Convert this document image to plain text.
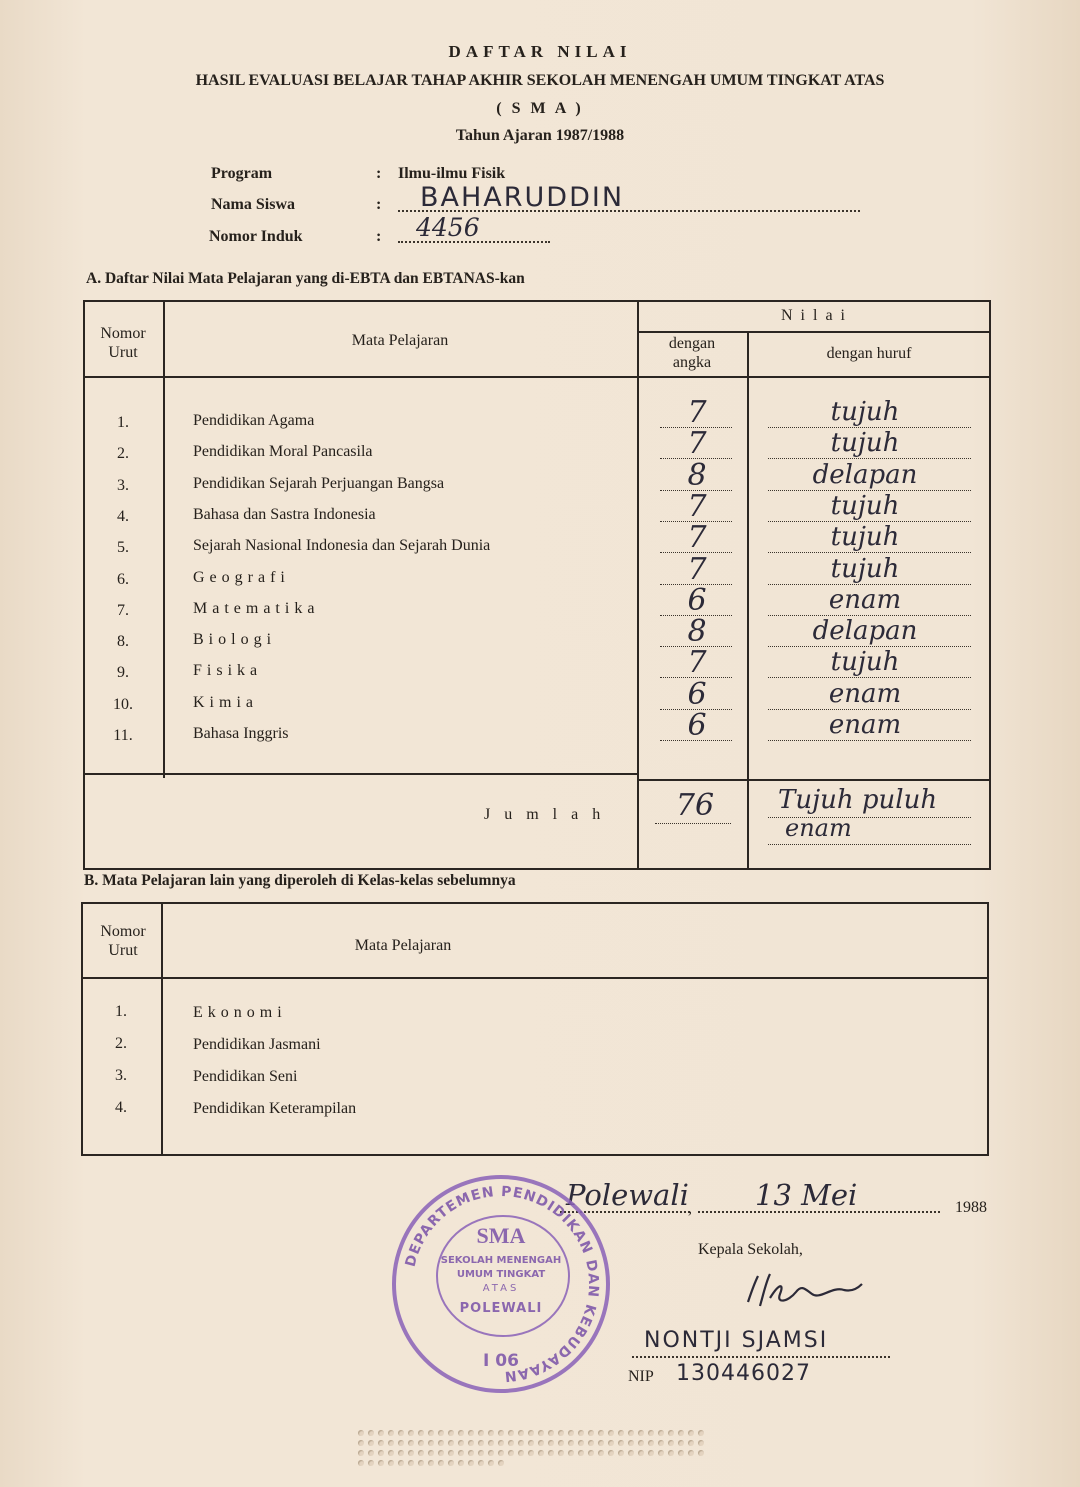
DAFTAR NILAI
HASIL EVALUASI BELAJAR TAHAP AKHIR SEKOLAH MENENGAH UMUM TINGKAT ATAS
( S M A )
Tahun Ajaran 1987/1988
Program	: Ilmu-ilmu Fisik
Nama Siswa	: BAHARUDDIN
Nomor Induk	: 4456
A. Daftar Nilai Mata Pelajaran yang di-EBTA dan EBTANAS-kan
Nomor
Urut
Mata Pelajaran
N i l a i
dengan
angka
dengan huruf
1.	Pendidikan Agama	7	tujuh
2.	Pendidikan Moral Pancasila	7	tujuh
3.	Pendidikan Sejarah Perjuangan Bangsa	8	delapan
4.	Bahasa dan Sastra Indonesia	7	tujuh
5.	Sejarah Nasional Indonesia dan Sejarah Dunia	7	tujuh
6.	Geografi	7	tujuh
7.	Matematika	6	enam
8.	Biologi	8	delapan
9.	Fisika	7	tujuh
10.	Kimia	6	enam
11.	Bahasa Inggris	6	enam
J u m l a h	76	Tujuh puluh
enam
B. Mata Pelajaran lain yang diperoleh di Kelas-kelas sebelumnya
Nomor
Urut	Mata Pelajaran
1.	Ekonomi
2.	Pendidikan Jasmani
3.	Pendidikan Seni
4.	Pendidikan Keterampilan
Polewali , 13 Mei	1988
Kepala Sekolah,
NONTJI SJAMSI
NIP 130446027
DEPARTEMEN PENDIDIKAN DAN KEBUDAYAAN
SMA
SEKOLAH MENENGAH
UMUM TINGKAT
ATAS
POLEWALI
I 06
